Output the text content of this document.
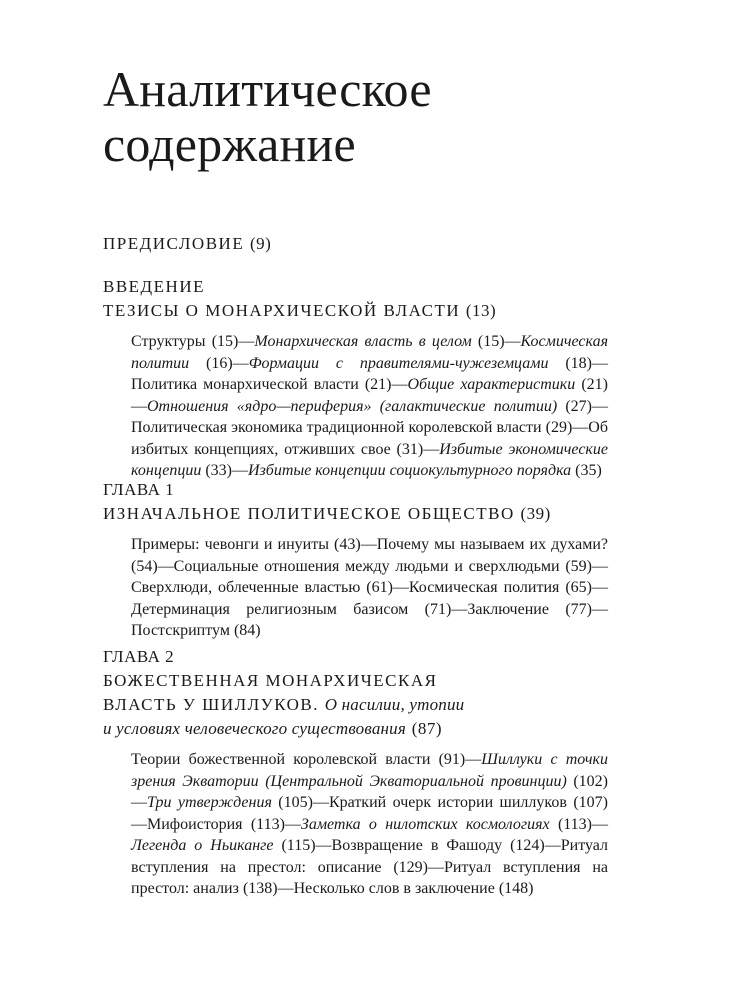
Аналитическое
содержание
ПРЕДИСЛОВИЕ (9)
ВВЕДЕНИЕ
ТЕЗИСЫ О МОНАРХИЧЕСКОЙ ВЛАСТИ (13)

Структуры (15)—Монархическая власть в целом (15)—Космическая политии (16)—Формации с правителями-чужеземцами (18)—Политика монархической власти (21)—Общие характеристики (21)—Отношения «ядро—периферия» (галактические политии) (27)—Политическая экономика традиционной королевской власти (29)—Об избитых концепциях, отживших свое (31)—Избитые экономические концепции (33)—Избитые концепции социокультурного порядка (35)

ГЛАВА 1
ИЗНАЧАЛЬНОЕ ПОЛИТИЧЕСКОЕ ОБЩЕСТВО (39)

Примеры: чевонги и инуиты (43)—Почему мы называем их духами? (54)—Социальные отношения между людьми и сверхлюдьми (59)—Сверхлюди, облеченные властью (61)—Космическая полития (65)—Детерминация религиозным базисом (71)—Заключение (77)—Постскриптум (84)

ГЛАВА 2
БОЖЕСТВЕННАЯ МОНАРХИЧЕСКАЯ
ВЛАСТЬ У ШИЛЛУКОВ. О насилии, утопии
и условиях человеческого существования (87)

Теории божественной королевской власти (91)—Шиллуки с точки зрения Экватории (Центральной Экваториальной провинции) (102)—Три утверждения (105)—Краткий очерк истории шиллуков (107)—Мифоистория (113)—Заметка о нилотских космологиях (113)—Легенда о Ньиканге (115)—Возвращение в Фашоду (124)—Ритуал вступления на престол: описание (129)—Ритуал вступления на престол: анализ (138)—Несколько слов в заключение (148)
